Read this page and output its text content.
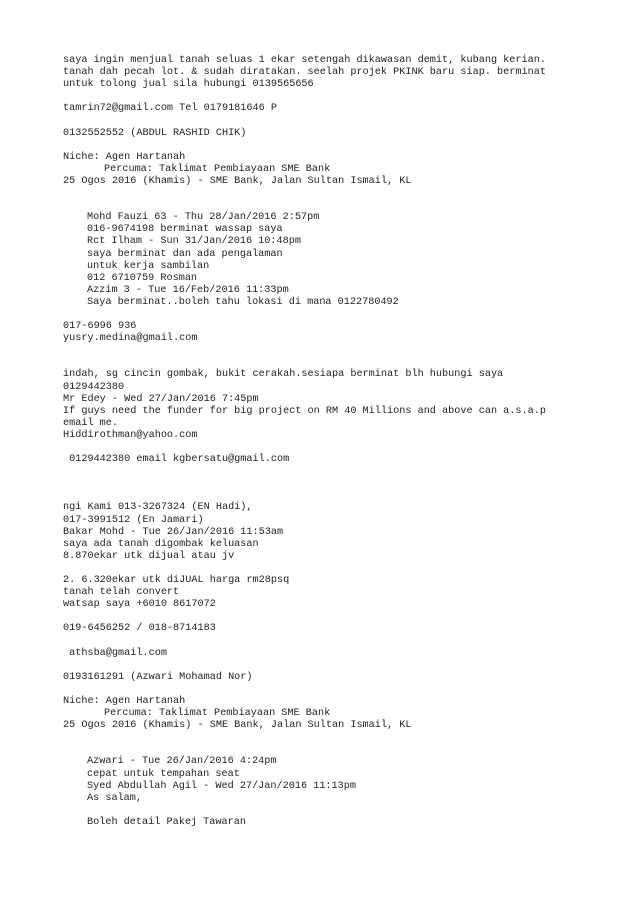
saya ingin menjual tanah seluas 1 ekar setengah dikawasan demit, kubang kerian.
tanah dah pecah lot. & sudah diratakan. seelah projek PKINK baru siap. berminat
untuk tolong jual sila hubungi 0139565656
tamrin72@gmail.com Tel 0179181646 P
0132552552 (ABDUL RASHID CHIK)
Niche: Agen Hartanah
Percuma: Taklimat Pembiayaan SME Bank
25 Ogos 2016 (Khamis) - SME Bank, Jalan Sultan Ismail, KL
Mohd Fauzi 63 - Thu 28/Jan/2016 2:57pm
016-9674198 berminat wassap saya
Rct Ilham - Sun 31/Jan/2016 10:48pm
saya berminat dan ada pengalaman
untuk kerja sambilan
012 6710759 Rosman
Azzim 3 - Tue 16/Feb/2016 11:33pm
Saya berminat..boleh tahu lokasi di mana 0122780492
017-6996 936
yusry.medina@gmail.com
indah, sg cincin gombak, bukit cerakah.sesiapa berminat blh hubungi saya
0129442380
Mr Edey - Wed 27/Jan/2016 7:45pm
If guys need the funder for big project on RM 40 Millions and above can a.s.a.p
email me.
Hiddirothman@yahoo.com
0129442380 email kgbersatu@gmail.com
ngi Kami 013-3267324 (EN Hadi),
017-3991512 (En Jamari)
Bakar Mohd - Tue 26/Jan/2016 11:53am
saya ada tanah digombak keluasan
8.870ekar utk dijual atau jv
2. 6.320ekar utk diJUAL harga rm28psq
tanah telah convert
watsap saya +6010 8617072
019-6456252 / 018-8714183
athsba@gmail.com
0193161291 (Azwari Mohamad Nor)
Niche: Agen Hartanah
Percuma: Taklimat Pembiayaan SME Bank
25 Ogos 2016 (Khamis) - SME Bank, Jalan Sultan Ismail, KL
Azwari - Tue 26/Jan/2016 4:24pm
cepat untuk tempahan seat
Syed Abdullah Agil - Wed 27/Jan/2016 11:13pm
As salam,
Boleh detail Pakej Tawaran
